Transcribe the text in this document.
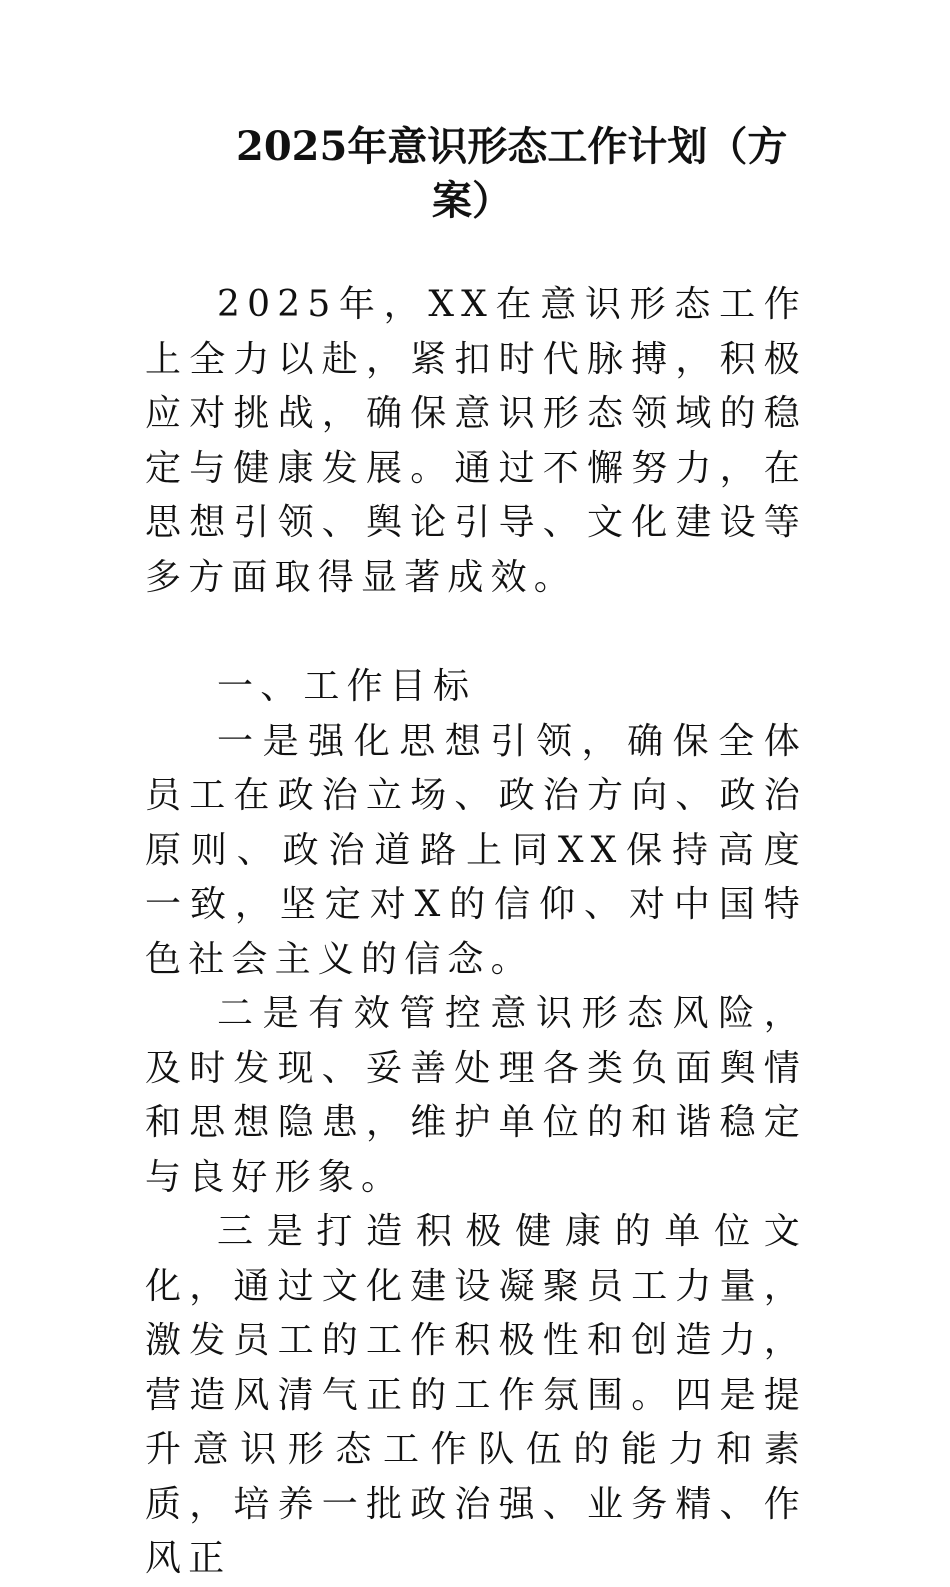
2025年意识形态工作计划（方
案）

2025年，XX在意识形态工作上全力以赴，紧扣时代脉搏，积极应对挑战，确保意识形态领域的稳定与健康发展。通过不懈努力，在思想引领、舆论引导、文化建设等多方面取得显著成效。

一、工作目标

一是强化思想引领，确保全体员工在政治立场、政治方向、政治原则、政治道路上同XX保持高度一致，坚定对X的信仰、对中国特色社会主义的信念。

二是有效管控意识形态风险，及时发现、妥善处理各类负面舆情和思想隐患，维护单位的和谐稳定与良好形象。

三是打造积极健康的单位文化，通过文化建设凝聚员工力量，激发员工的工作积极性和创造力，营造风清气正的工作氛围。四是提升意识形态工作队伍的能力和素质，培养一批政治强、业务精、作风正
